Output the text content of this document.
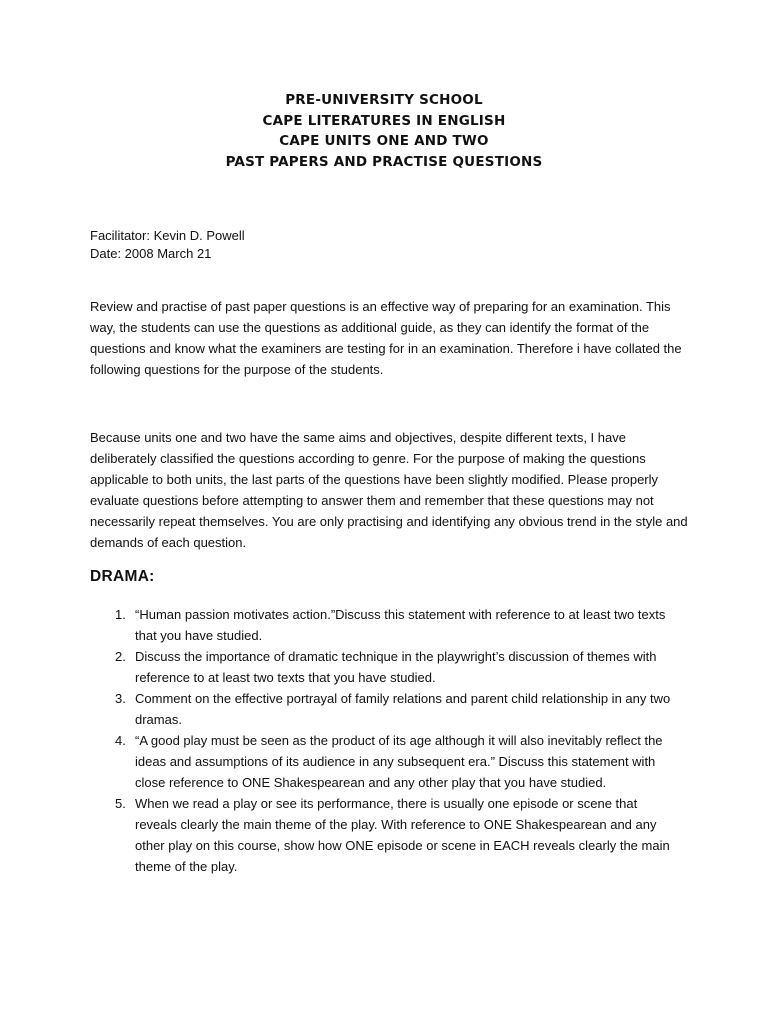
PRE-UNIVERSITY SCHOOL
CAPE LITERATURES IN ENGLISH
CAPE UNITS ONE AND TWO
PAST PAPERS AND PRACTISE QUESTIONS
Facilitator: Kevin D. Powell
Date: 2008 March 21

Review and practise of past paper questions is an effective way of preparing for an examination. This way, the students can use the questions as additional guide, as they can identify the format of the questions and know what the examiners are testing for in an examination. Therefore i have collated the following questions for the purpose of the students.

Because units one and two have the same aims and objectives, despite different texts, I have deliberately classified the questions according to genre. For the purpose of making the questions applicable to both units, the last parts of the questions have been slightly modified. Please properly evaluate questions before attempting to answer them and remember that these questions may not necessarily repeat themselves. You are only practising and identifying any obvious trend in the style and demands of each question.

DRAMA:
1. “Human passion motivates action.”Discuss this statement with reference to at least two texts that you have studied.
2. Discuss the importance of dramatic technique in the playwright’s discussion of themes with reference to at least two texts that you have studied.
3. Comment on the effective portrayal of family relations and parent child relationship in any two dramas.
4. “A good play must be seen as the product of its age although it will also inevitably reflect the ideas and assumptions of its audience in any subsequent era.” Discuss this statement with close reference to ONE Shakespearean and any other play that you have studied.
5. When we read a play or see its performance, there is usually one episode or scene that reveals clearly the main theme of the play. With reference to ONE Shakespearean and any other play on this course, show how ONE episode or scene in EACH reveals clearly the main theme of the play.
